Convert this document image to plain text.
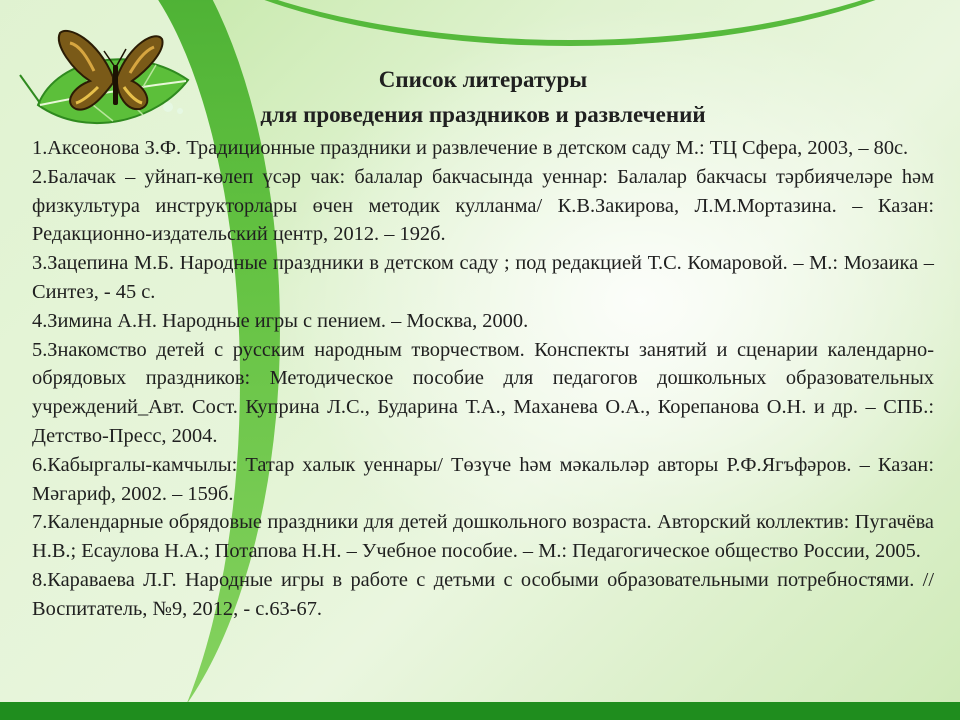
Список литературы
для проведения праздников и развлечений

1.Аксеонова З.Ф. Традиционные праздники и развлечение в детском саду М.: ТЦ Сфера, 2003, – 80с.

2.Балачак – уйнап-көлеп үсәр чак: балалар бакчасында уеннар: Балалар бакчасы тәрбиячеләре һәм физкультура инструкторлары өчен методик кулланма/ К.В.Закирова, Л.М.Мортазина. – Казан: Редакционно-издательский центр, 2012. – 192б.

3.Зацепина М.Б. Народные праздники в детском саду ; под редакцией Т.С. Комаровой. – М.: Мозаика – Синтез, - 45 с.

4.Зимина А.Н. Народные игры с пением. – Москва, 2000.

5.Знакомство детей с русским народным творчеством. Конспекты занятий и сценарии календарно-обрядовых праздников: Методическое пособие для педагогов дошкольных образовательных учреждений_Авт. Сост. Куприна Л.С., Бударина Т.А., Маханева О.А., Корепанова О.Н. и др. – СПБ.: Детство-Пресс, 2004.

6.Кабыргалы-камчылы: Татар халык уеннары/ Төзүче һәм мәкальләр авторы Р.Ф.Ягъфәров. – Казан: Мәгариф, 2002. – 159б.

7.Календарные обрядовые праздники для детей дошкольного возраста. Авторский коллектив: Пугачёва Н.В.; Есаулова Н.А.; Потапова Н.Н. – Учебное пособие. – М.: Педагогическое общество России, 2005.

8.Караваева Л.Г. Народные игры в работе с детьми с особыми образовательными потребностями. // Воспитатель, №9, 2012, - с.63-67.
